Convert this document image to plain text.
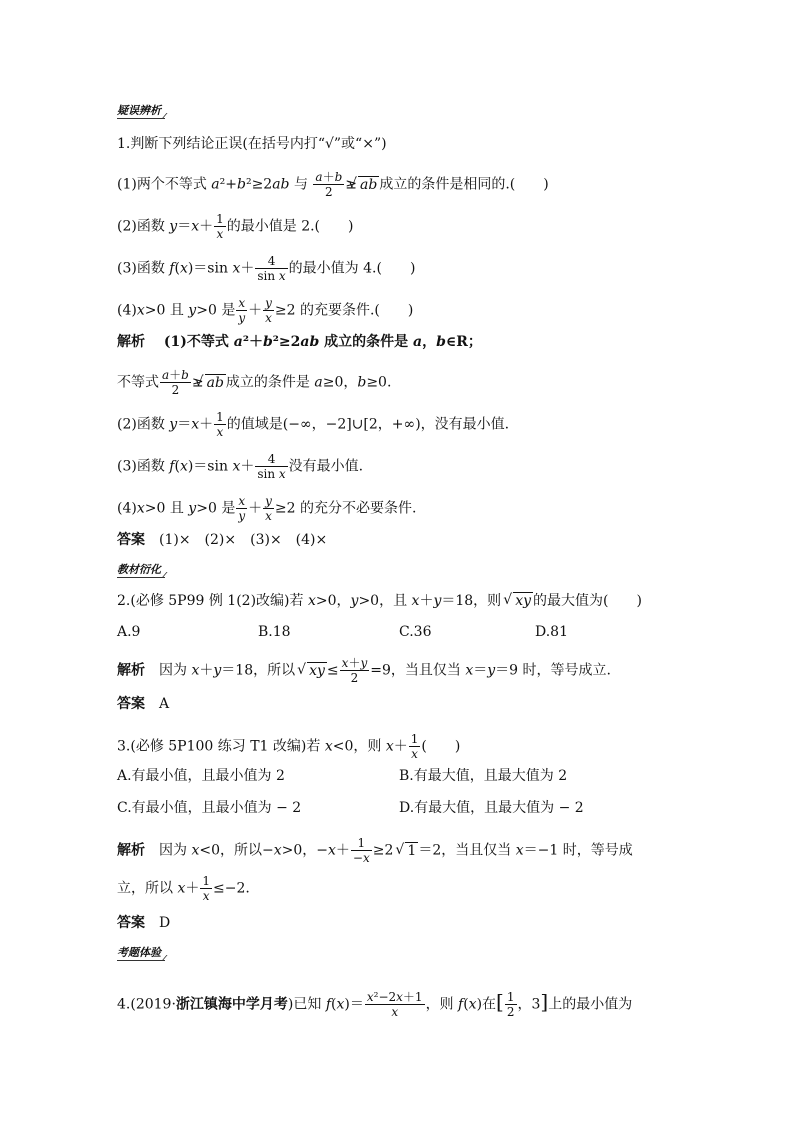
疑误辨析
1.判断下列结论正误(在括号内打“√”或“×”)
(1)两个不等式 a²+b²≥2ab 与 $\frac{a+b}{2}$ ≥√ ab 成立的条件是相同的.(　　)
(2)函数 $y=x+ \frac{1}{x}$ 的最小值是 2.(　　)
(3)函数 f(x)＝sin $x+ \frac{4}{\text{sin x}}$ 的最小值为 4.(　　)
(4)x>0 且 y>0 是 $\frac{x}{y} + \frac{y}{x} \ge 2$ 的充要条件.(　　)
解析　 (1)不等式 a²＋b²≥2ab 成立的条件是 a，b∈R；
不等式 $\frac{a+b}{2}$ ≥√ ab 成立的条件是 a≥0，b≥0.
(2)函数 $y=x+ \frac{1}{x}$ 的值域是(−∞，−2]∪[2，+∞)，没有最小值.
(3)函数 f(x)＝sin $x+ \frac{4}{\text{sin x}}$ 没有最小值.
(4)x>0 且 y>0 是 $\frac{x}{y} + \frac{y}{x} \ge 2$ 的充分不必要条件.
答案　 (1)×　(2)×　(3)×　(4)×
教材衍化
2.(必修 5P99 例 1(2)改编)若 x>0，y>0，且 x＋y＝18，则√ xy 的最大值为(　　)
A.9	B.18	C.36	D.81
解析　 因为 x＋y＝18，所以√ xy ≤ $\frac{x+y}{2} =9$，当且仅当 x＝y＝9 时，等号成立.
答案　 A
3.(必修 5P100 练习 T1 改编)若 x<0，则 $x+ \frac{1}{x}$ (　　)
A.有最小值，且最小值为 2	B.有最大值，且最大值为 2
C.有最小值，且最小值为 − 2	D.有最大值，且最大值为 − 2
解析　 因为 x<0，所以−x>0，$-x+ \frac{1}{-x} \ge 2√$ 1 ＝2，当且仅当 x＝−1 时，等号成
立，所以 $x+ \frac{1}{x} \le-2$.
答案　 D
考题体验
4.(2019·浙江镇海中学月考)已知 $f(x)= \frac{\text{x²−2x＋1}}{x}$ ，则 f(x)在[ $\frac{1}{2}$ ，3]上的最小值为
